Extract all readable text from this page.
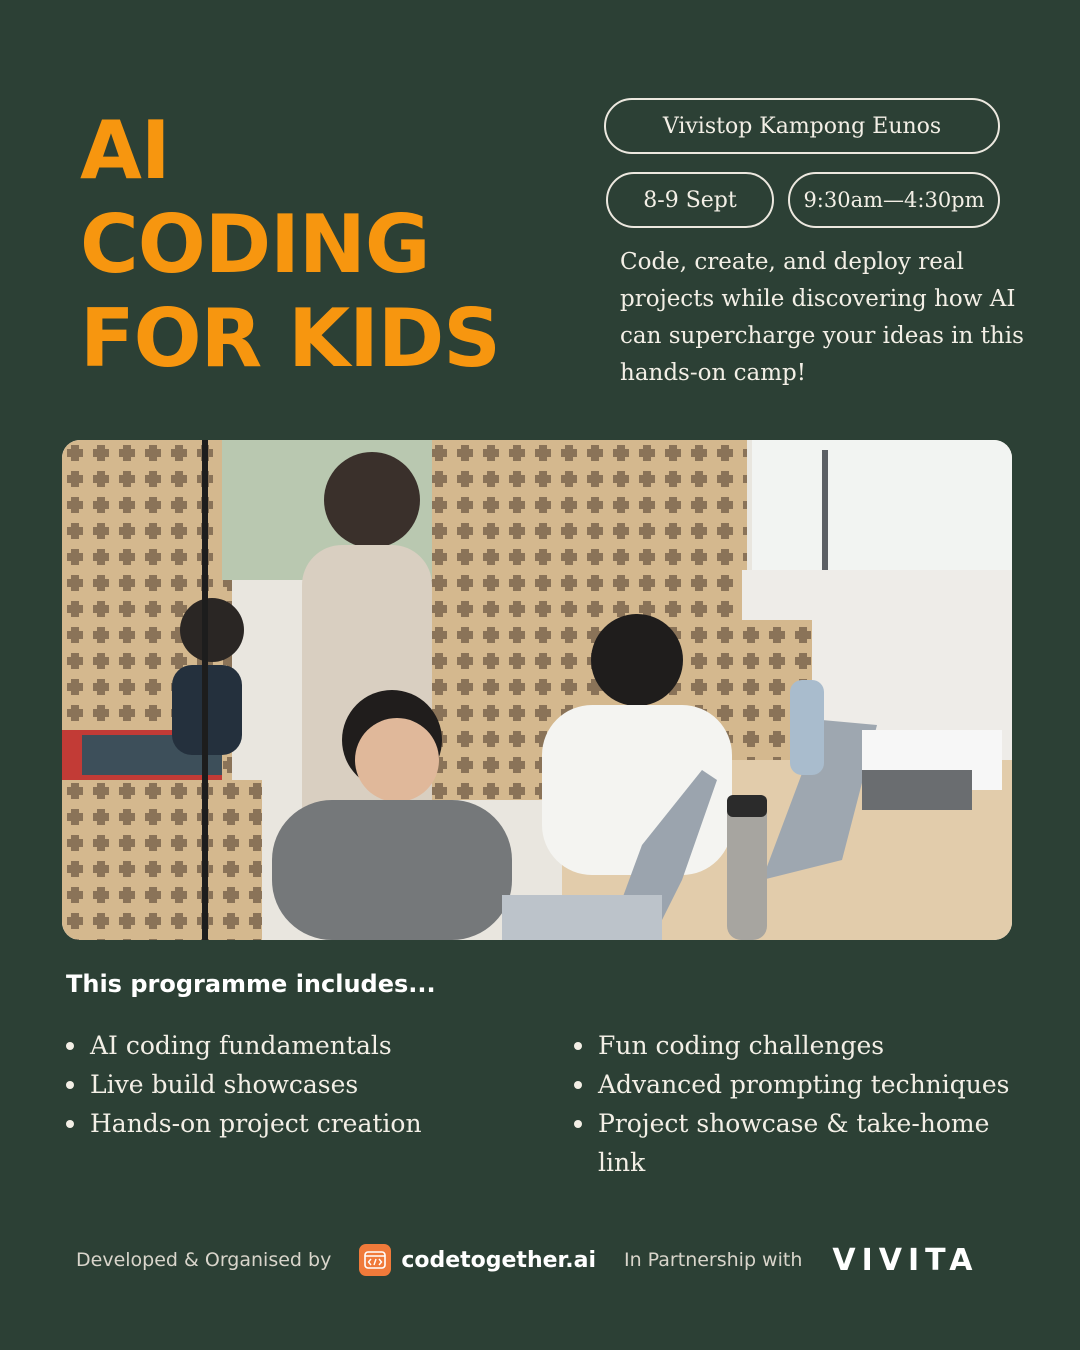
AI
CODING
FOR KIDS
Vivistop Kampong Eunos
8-9 Sept	9:30am—4:30pm

Code, create, and deploy real projects while discovering how AI can supercharge your ideas in this hands-on camp!

This programme includes...
AI coding fundamentals
Live build showcases
Hands-on project creation
Fun coding challenges
Advanced prompting techniques
Project showcase & take-home link
Developed & Organised by	codetogether.ai In Partnership with VIVITA
